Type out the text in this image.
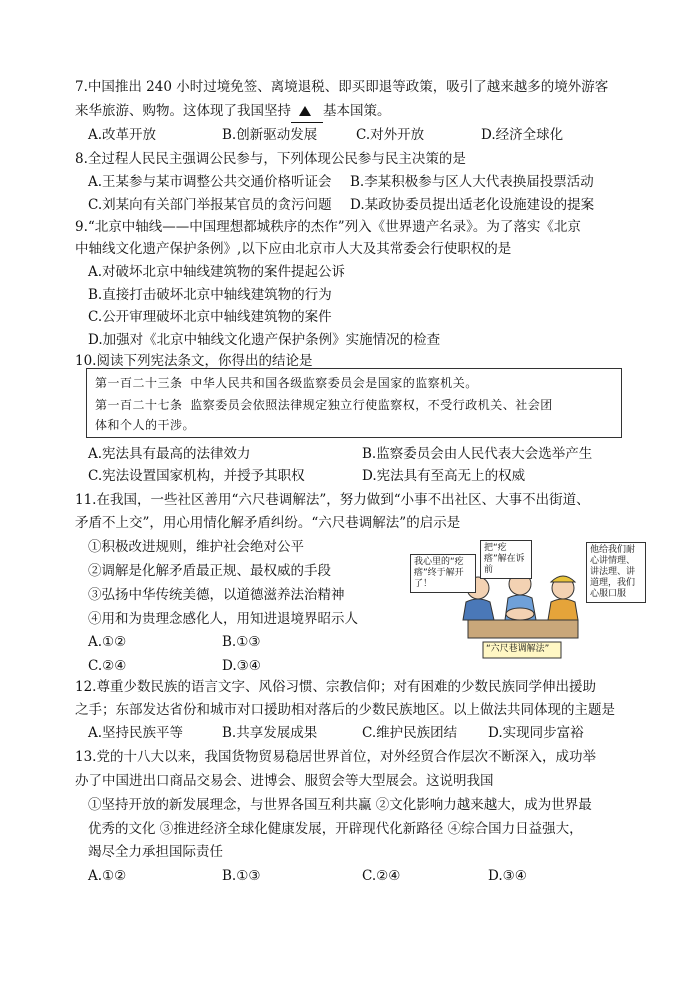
7.中国推出 240 小时过境免签、离境退税、即买即退等政策，吸引了越来越多的境外游客
来华旅游、购物。这体现了我国坚持 基本国策。
A.改革开放	B.创新驱动发展	C.对外开放	D.经济全球化
8.全过程人民民主强调公民参与，下列体现公民参与民主决策的是
A.王某参与某市调整公共交通价格听证会 B.李某积极参与区人大代表换届投票活动
C.刘某向有关部门举报某官员的贪污问题 D.某政协委员提出适老化设施建设的提案
9.“北京中轴线——中国理想都城秩序的杰作”列入《世界遗产名录》。为了落实《北京
中轴线文化遗产保护条例》,以下应由北京市人大及其常委会行使职权的是
A.对破坏北京中轴线建筑物的案件提起公诉
B.直接打击破坏北京中轴线建筑物的行为
C.公开审理破坏北京中轴线建筑物的案件
D.加强对《北京中轴线文化遗产保护条例》实施情况的检查
10.阅读下列宪法条文，你得出的结论是
第一百二十三条 中华人民共和国各级监察委员会是国家的监察机关。
第一百二十七条 监察委员会依照法律规定独立行使监察权，不受行政机关、社会团
体和个人的干涉。
A.宪法具有最高的法律效力	B.监察委员会由人民代表大会选举产生
C.宪法设置国家机构，并授予其职权	D.宪法具有至高无上的权威
11.在我国，一些社区善用“六尺巷调解法”，努力做到“小事不出社区、大事不出街道、
矛盾不上交”，用心用情化解矛盾纠纷。“六尺巷调解法”的启示是
①积极改进规则，维护社会绝对公平
②调解是化解矛盾最正规、最权威的手段
③弘扬中华传统美德，以道德滋养法治精神
④用和为贵理念感化人，用知进退境界昭示人
A.①②	B.①③
C.②④	D.③④
我心里的“疙瘩”终于解开了！
把“疙瘩”解在诉前
他给我们耐心讲情理、讲法理、讲道理，我们心服口服
“六尺巷调解法”
12.尊重少数民族的语言文字、风俗习惯、宗教信仰；对有困难的少数民族同学伸出援助
之手；东部发达省份和城市对口援助相对落后的少数民族地区。以上做法共同体现的主题是
A.坚持民族平等	B.共享发展成果	C.维护民族团结 D.实现同步富裕
13.党的十八大以来，我国货物贸易稳居世界首位，对外经贸合作层次不断深入，成功举
办了中国进出口商品交易会、进博会、服贸会等大型展会。这说明我国
①坚持开放的新发展理念，与世界各国互利共赢 ②文化影响力越来越大，成为世界最
优秀的文化 ③推进经济全球化健康发展，开辟现代化新路径 ④综合国力日益强大，
竭尽全力承担国际责任
A.①②	B.①③	C.②④	D.③④
